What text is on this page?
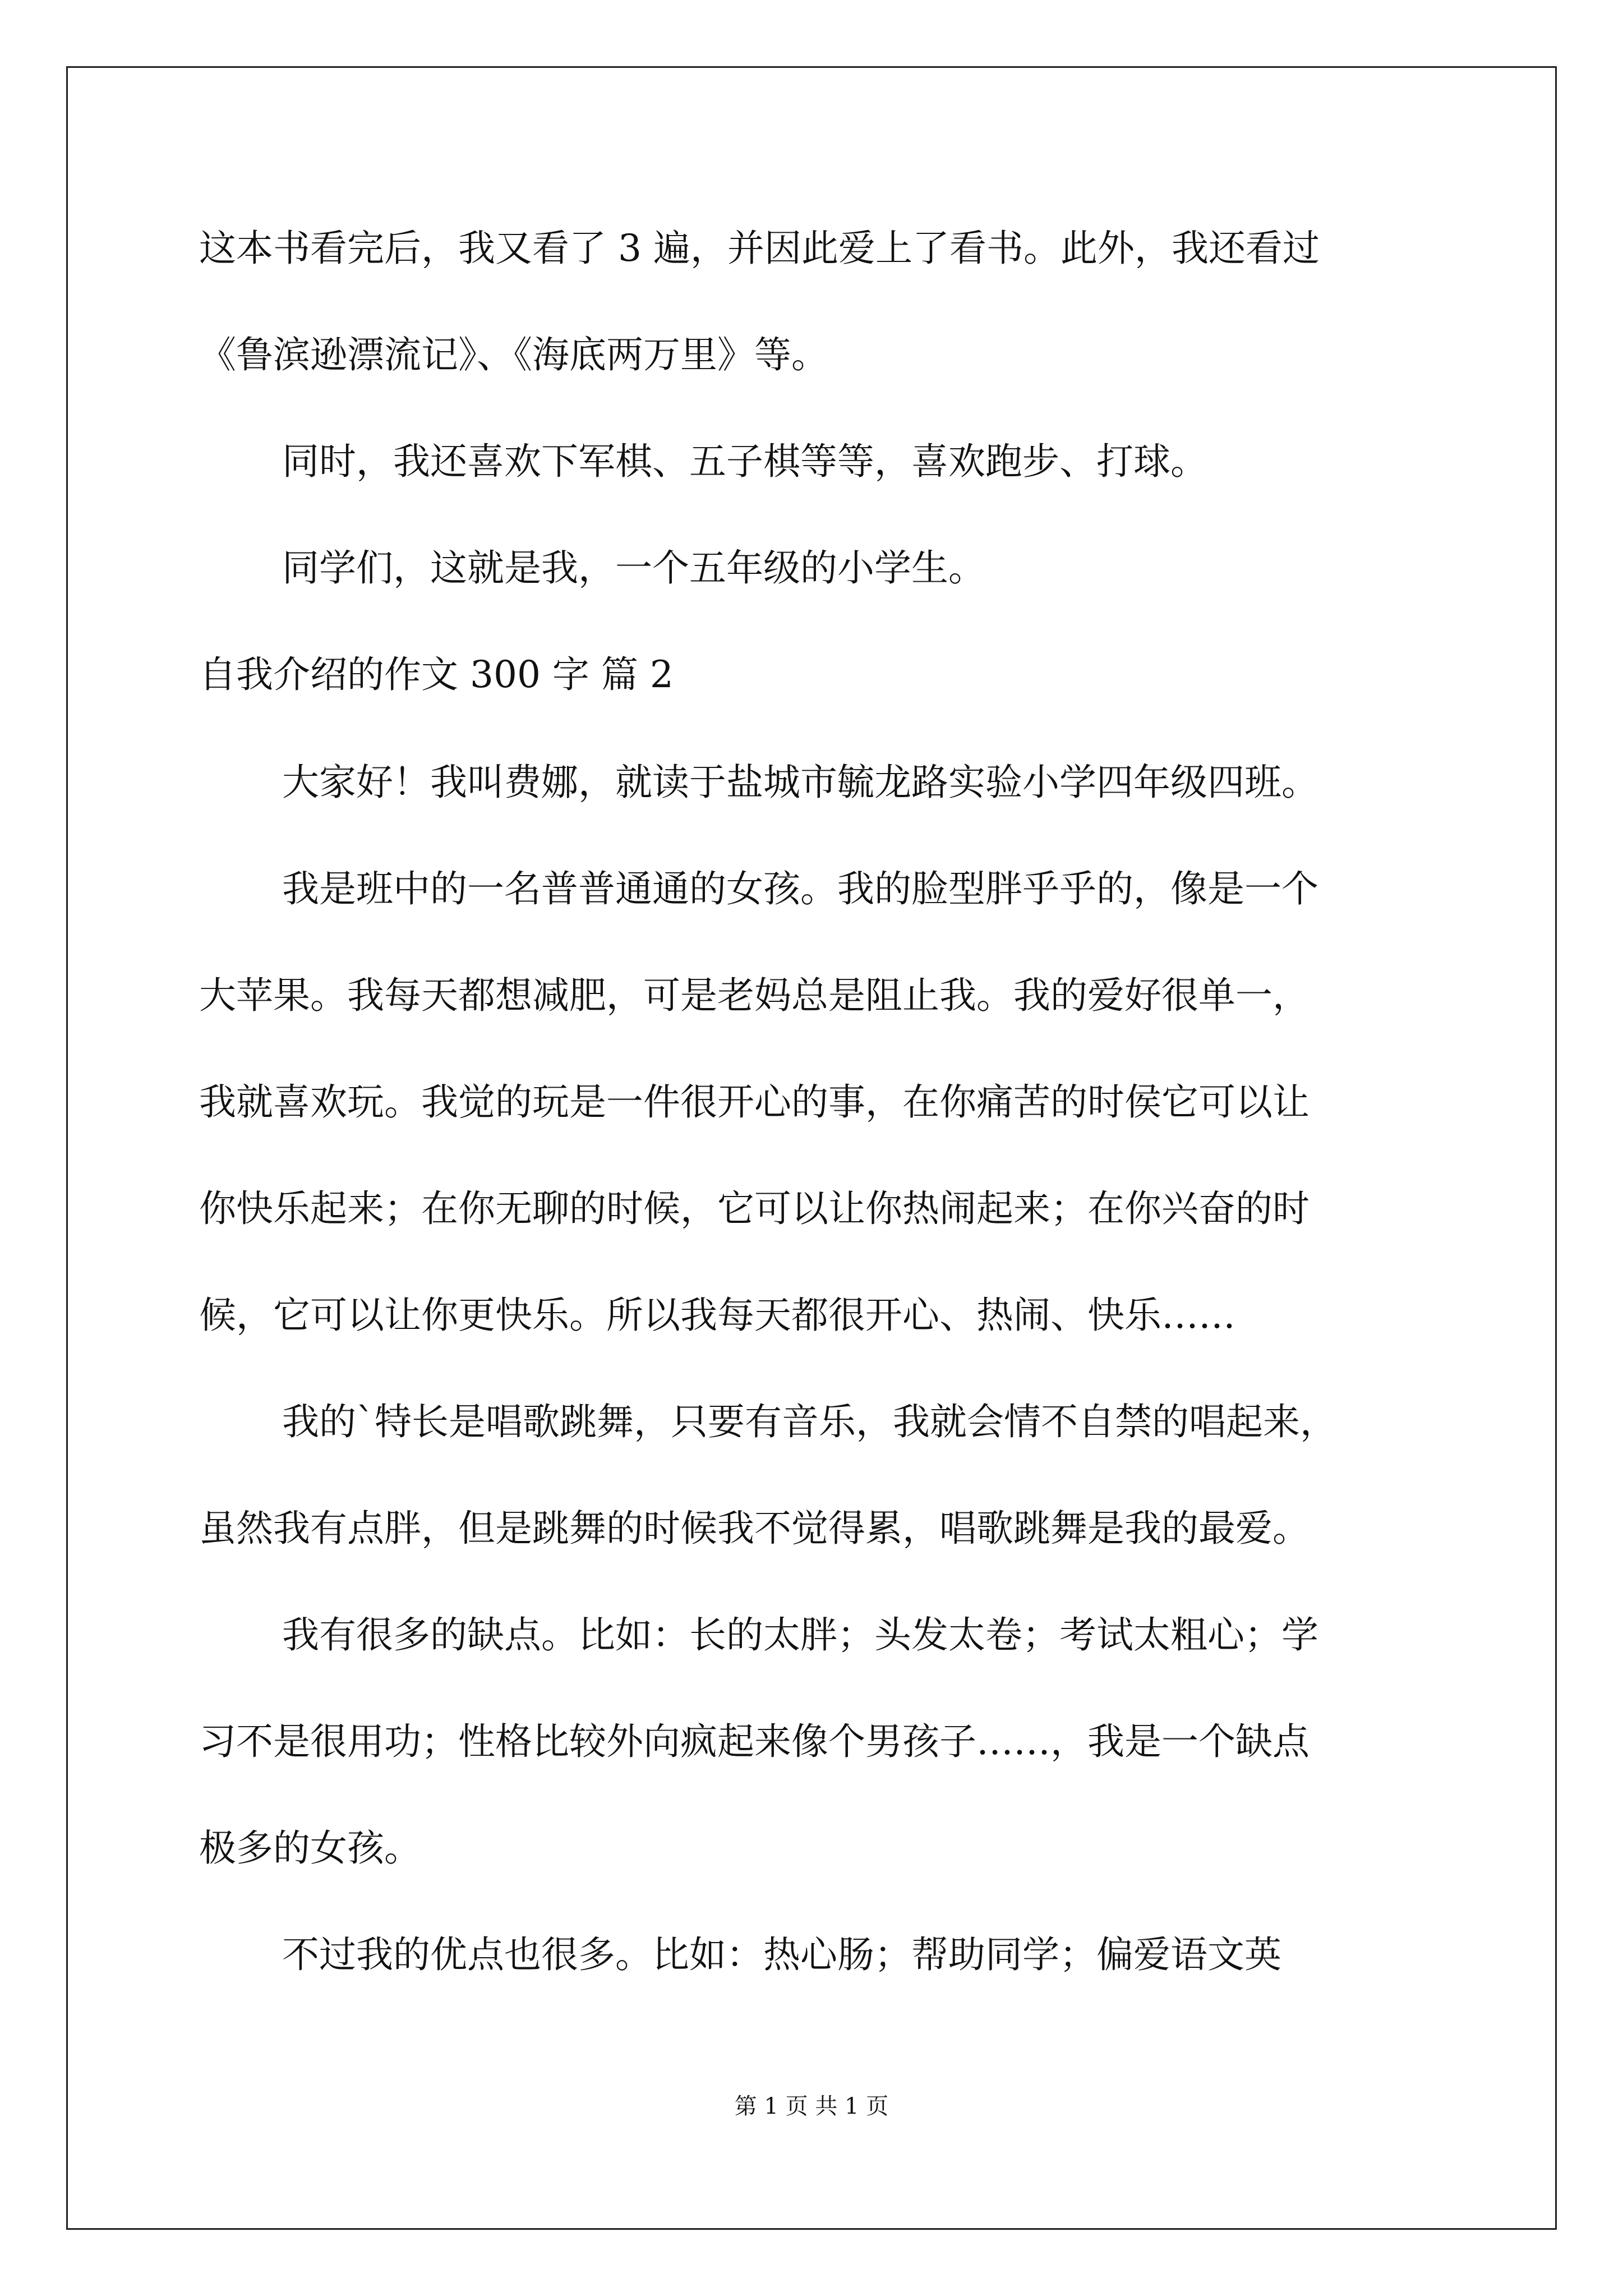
这本书看完后，我又看了 3 遍，并因此爱上了看书。此外，我还看过

《鲁滨逊漂流记》、《海底两万里》等。

同时，我还喜欢下军棋、五子棋等等，喜欢跑步、打球。

同学们，这就是我，一个五年级的小学生。

自我介绍的作文 300 字 篇 2

大家好！我叫费娜，就读于盐城市毓龙路实验小学四年级四班。

我是班中的一名普普通通的女孩。我的脸型胖乎乎的，像是一个

大苹果。我每天都想减肥，可是老妈总是阻止我。我的爱好很单一，

我就喜欢玩。我觉的玩是一件很开心的事，在你痛苦的时侯它可以让

你快乐起来；在你无聊的时候，它可以让你热闹起来；在你兴奋的时

候，它可以让你更快乐。所以我每天都很开心、热闹、快乐……

我的`特长是唱歌跳舞，只要有音乐，我就会情不自禁的唱起来，

虽然我有点胖，但是跳舞的时候我不觉得累，唱歌跳舞是我的最爱。

我有很多的缺点。比如：长的太胖；头发太卷；考试太粗心；学

习不是很用功；性格比较外向疯起来像个男孩子……，我是一个缺点

极多的女孩。

不过我的优点也很多。比如：热心肠；帮助同学；偏爱语文英

第 1 页 共 1 页
